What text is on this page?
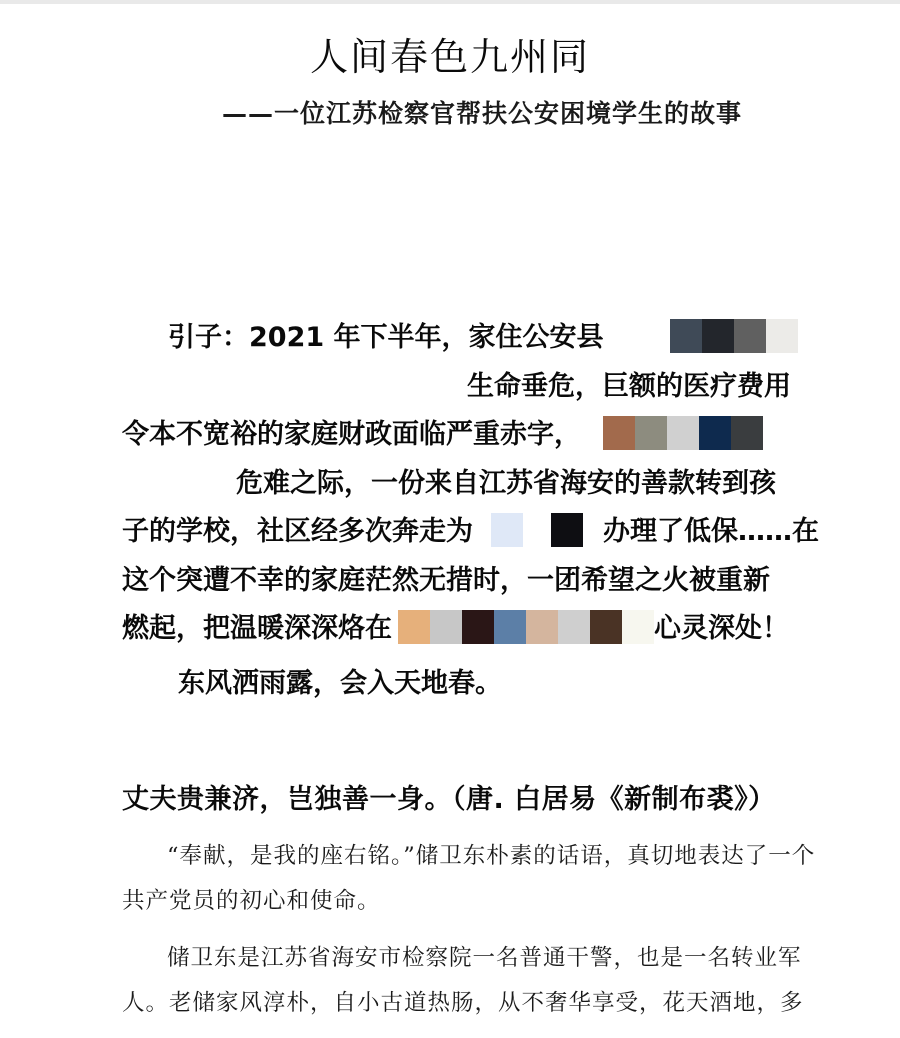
人间春色九州同
——一位江苏检察官帮扶公安困境学生的故事

引子：2021 年下半年，家住公安县

生命垂危，巨额的医疗费用

令本不宽裕的家庭财政面临严重赤字，

危难之际，一份来自江苏省海安的善款转到孩

子的学校，社区经多次奔走为	办理了低保……在

这个突遭不幸的家庭茫然无措时，一团希望之火被重新

燃起，把温暖深深烙在	心灵深处！

东风洒雨露，会入天地春。

丈夫贵兼济，岂独善一身。（唐. 白居易《新制布裘》）

“奉献，是我的座右铭。”储卫东朴素的话语，真切地表达了一个共产党员的初心和使命。

储卫东是江苏省海安市检察院一名普通干警，也是一名转业军人。老储家风淳朴，自小古道热肠，从不奢华享受，花天酒地，多
